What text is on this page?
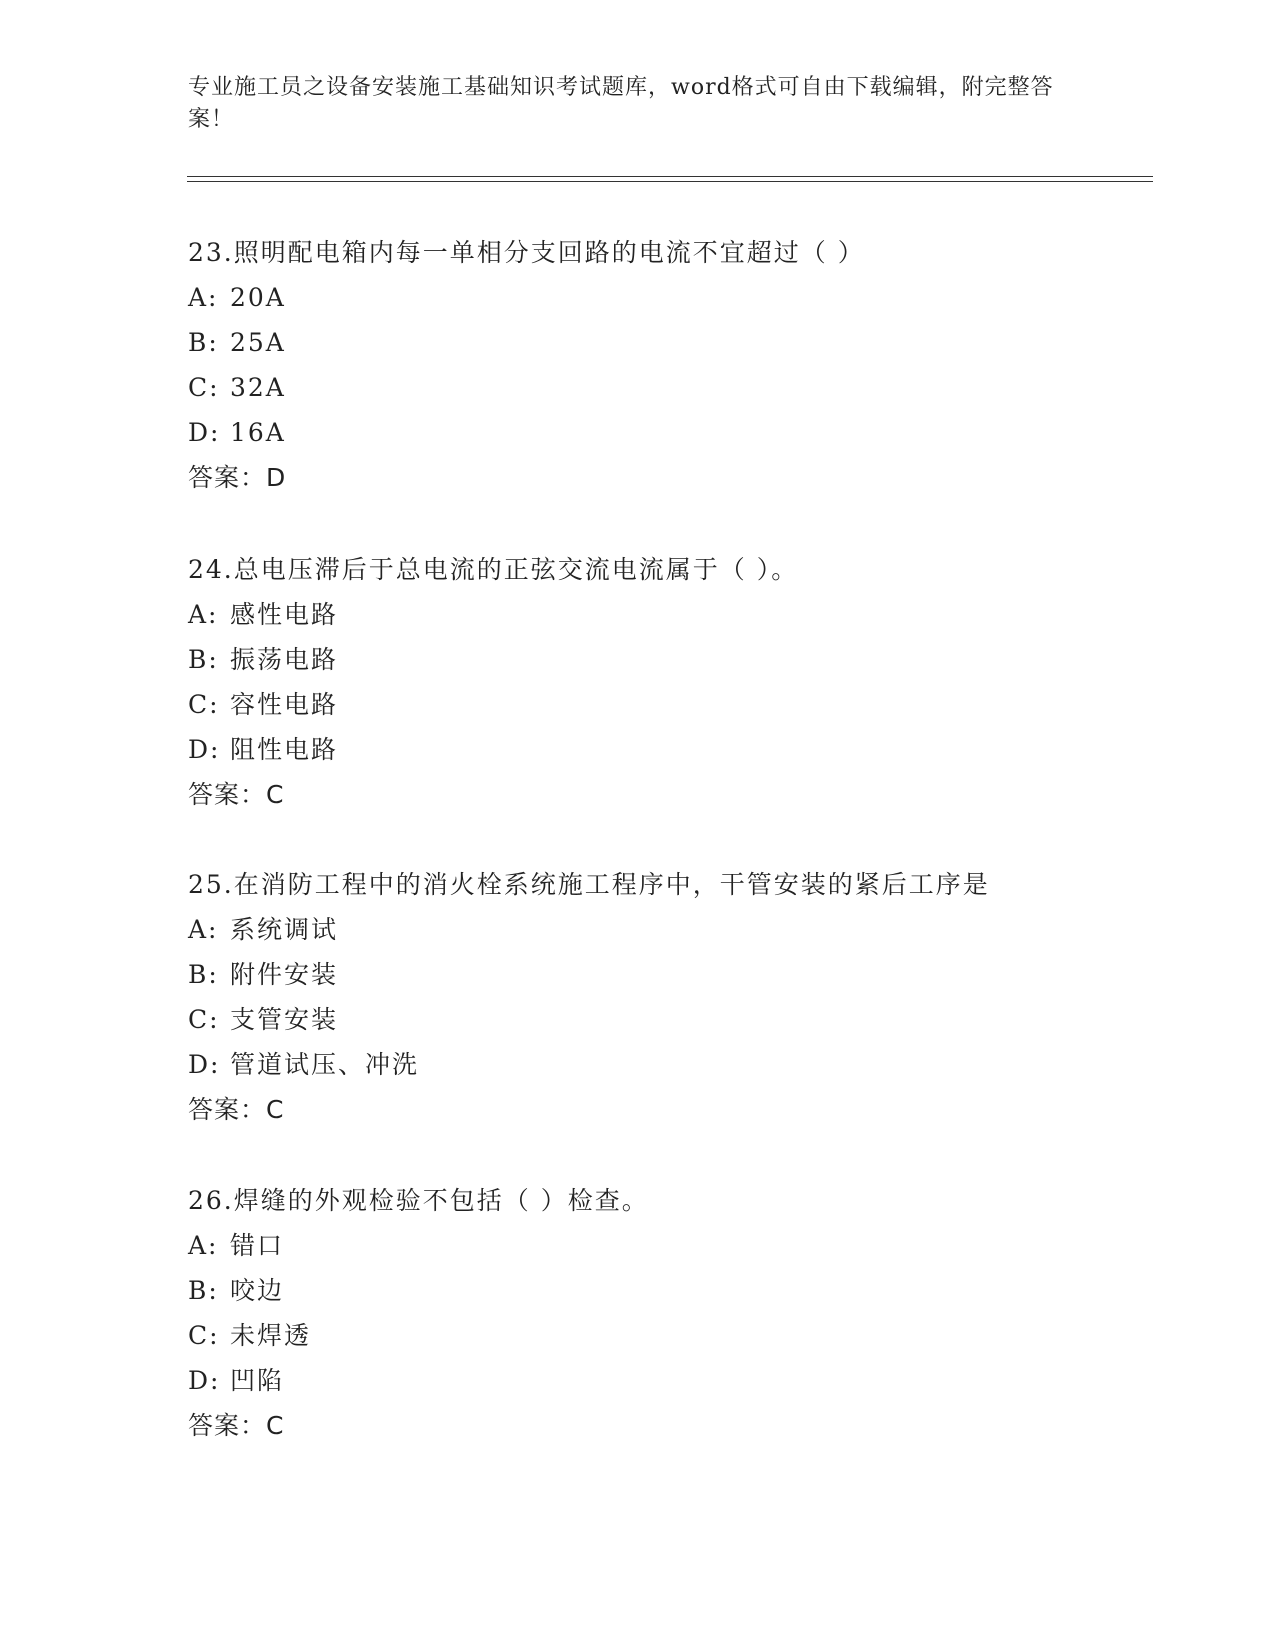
专业施工员之设备安装施工基础知识考试题库，word格式可自由下载编辑，附完整答案！
23.照明配电箱内每一单相分支回路的电流不宜超过（ ）
A: 20A
B: 25A
C: 32A
D: 16A
答案：D
24.总电压滞后于总电流的正弦交流电流属于（ ）。
A: 感性电路
B: 振荡电路
C: 容性电路
D: 阻性电路
答案：C
25.在消防工程中的消火栓系统施工程序中，干管安装的紧后工序是
A: 系统调试
B: 附件安装
C: 支管安装
D: 管道试压、冲洗
答案：C
26.焊缝的外观检验不包括（ ）检查。
A: 错口
B: 咬边
C: 未焊透
D: 凹陷
答案：C
